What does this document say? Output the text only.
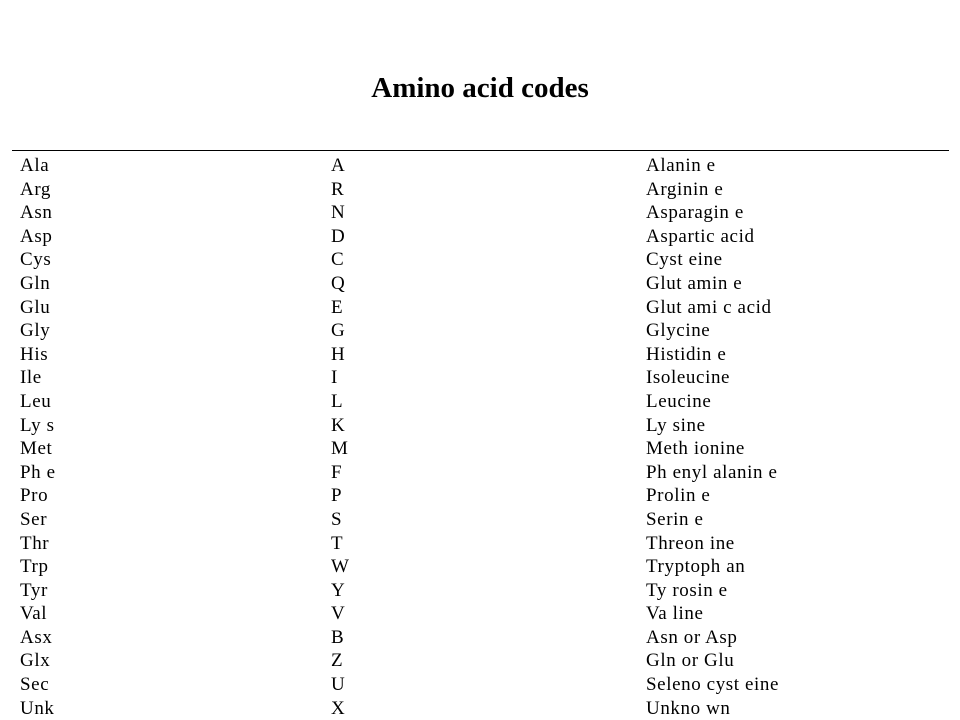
Amino acid codes
Ala	A	Alanin e
Arg	R	Arginin e
Asn	N	Asparagin e
Asp	D	Aspartic acid
Cys	C	Cyst eine
Gln	Q	Glut amin e
Glu	E	Glut ami c acid
Gly	G	Glycine
His	H	Histidin e
Ile	I	Isoleucine
Leu	L	Leucine
Ly s	K	Ly sine
Met	M	Meth ionine
Ph e	F	Ph enyl alanin e
Pro	P	Prolin e
Ser	S	Serin e
Thr	T	Threon ine
Trp	W	Tryptoph an
Tyr	Y	Ty rosin e
Val	V	Va line
Asx	B	Asn or Asp
Glx	Z	Gln or Glu
Sec	U	Seleno cyst eine
Unk	X	Unkno wn
